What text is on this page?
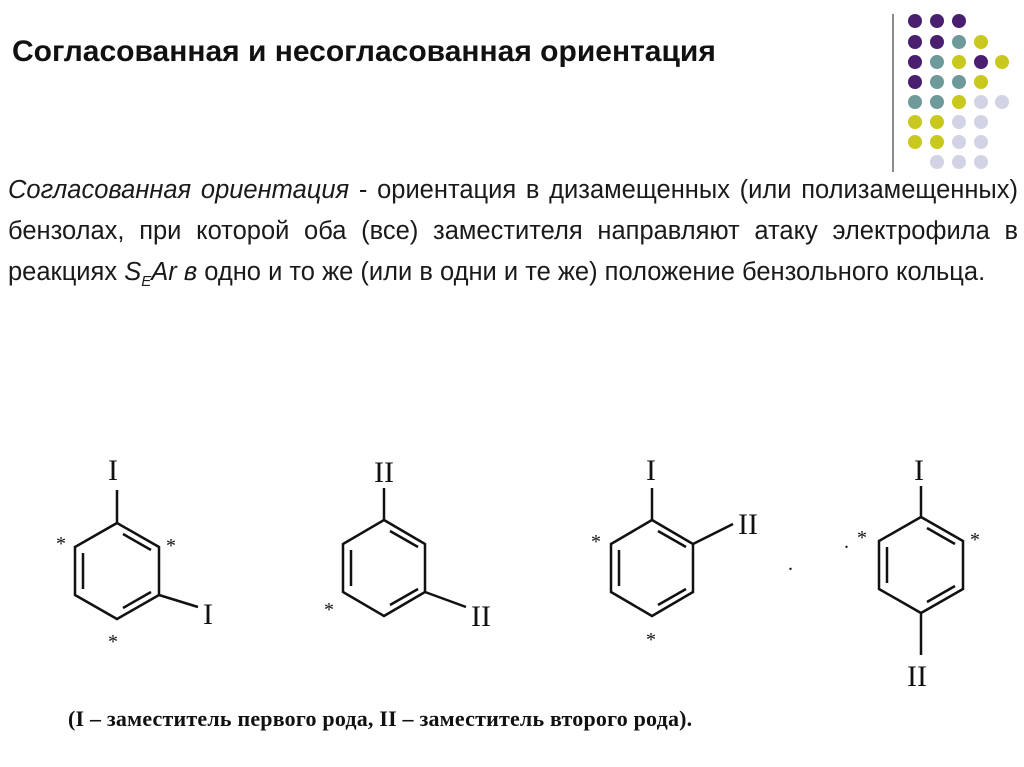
Согласованная и несогласованная ориентация
Согласованная ориентация - ориентация в дизамещенных (или полизамещенных) бензолах, при которой оба (все) заместителя направляют атаку электрофила в реакциях $S_EAr$ в одно и то же (или в одни и те же) положение бензольного кольца.
I
I
*	*
*
II
II
*
I
II
*
*
.
I
II
. *	*
(I – заместитель первого рода, II – заместитель второго рода).
